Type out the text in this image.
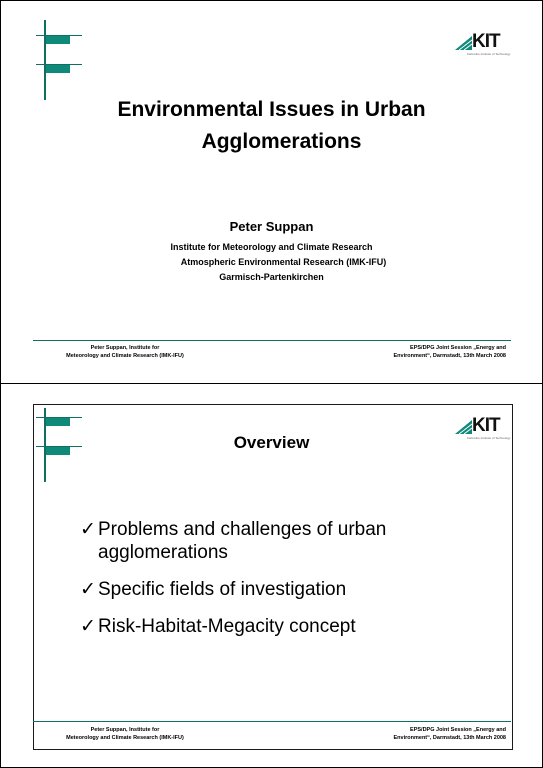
KIT
Karlsruhe Institute of Technology
Environmental Issues in Urban
Agglomerations
Peter Suppan
Institute for Meteorology and Climate Research
Atmospheric Environmental Research (IMK-IFU)
Garmisch-Partenkirchen
Peter Suppan, Institute for
Meteorology and Climate Research (IMK-IFU)
EPS/DPG Joint Session „Energy and
Environment“, Darmstadt, 13th March 2008
KIT
Karlsruhe Institute of Technology
Overview
✓ Problems and challenges of urban agglomerations
✓ Specific fields of investigation
✓ Risk-Habitat-Megacity concept
Peter Suppan, Institute for
Meteorology and Climate Research (IMK-IFU)
EPS/DPG Joint Session „Energy and
Environment“, Darmstadt, 13th March 2008
